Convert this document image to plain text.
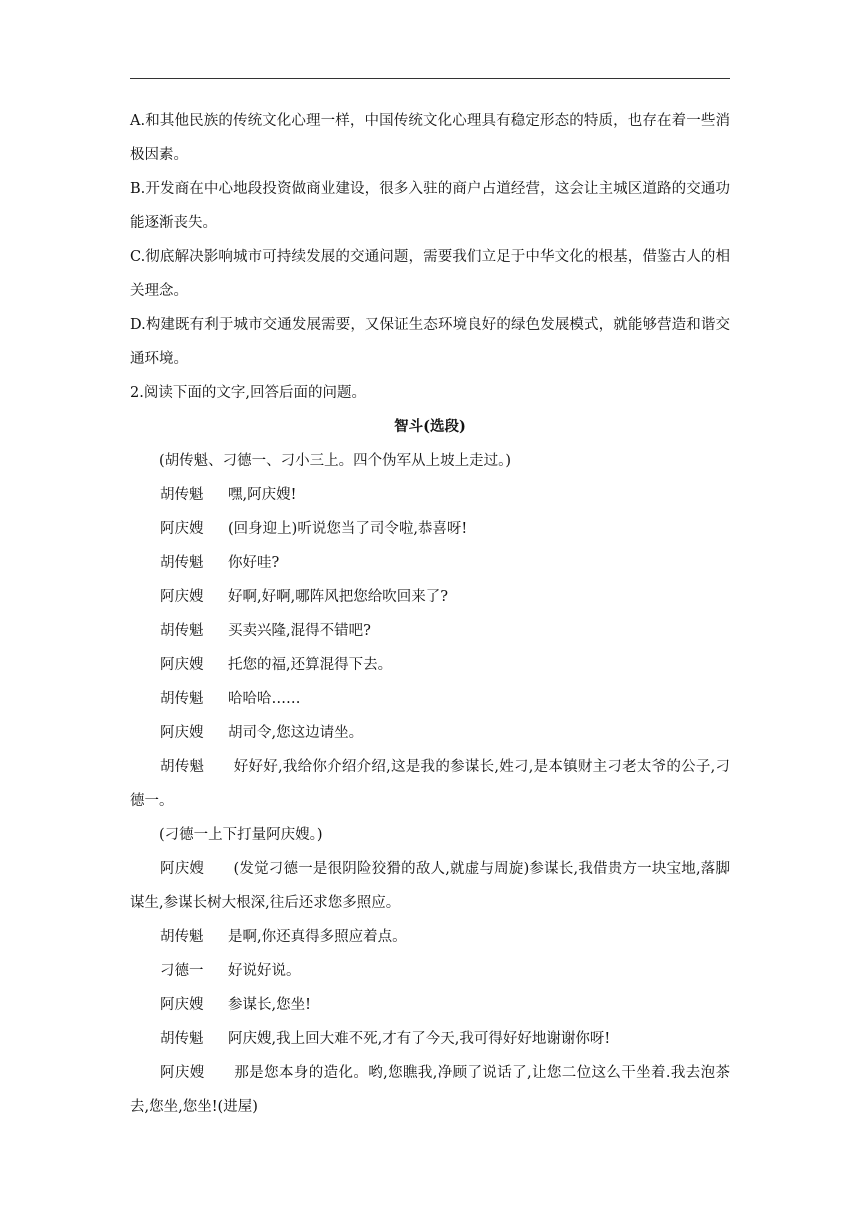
A.和其他民族的传统文化心理一样，中国传统文化心理具有稳定形态的特质，也存在着一些消极因素。

B.开发商在中心地段投资做商业建设，很多入驻的商户占道经营，这会让主城区道路的交通功能逐渐丧失。

C.彻底解决影响城市可持续发展的交通问题，需要我们立足于中华文化的根基，借鉴古人的相关理念。

D.构建既有利于城市交通发展需要，又保证生态环境良好的绿色发展模式，就能够营造和谐交通环境。

2.阅读下面的文字,回答后面的问题。

智斗(选段)

(胡传魁、刁德一、刁小三上。四个伪军从上坡上走过。)

胡传魁	嘿,阿庆嫂!

阿庆嫂	(回身迎上)听说您当了司令啦,恭喜呀!

胡传魁	你好哇?

阿庆嫂	好啊,好啊,哪阵风把您给吹回来了?

胡传魁	买卖兴隆,混得不错吧?

阿庆嫂	托您的福,还算混得下去。

胡传魁	哈哈哈……

阿庆嫂	胡司令,您这边请坐。

胡传魁　　好好好,我给你介绍介绍,这是我的参谋长,姓刁,是本镇财主刁老太爷的公子,刁德一。

(刁德一上下打量阿庆嫂。)

阿庆嫂　　(发觉刁德一是很阴险狡猾的敌人,就虚与周旋)参谋长,我借贵方一块宝地,落脚谋生,参谋长树大根深,往后还求您多照应。

胡传魁	是啊,你还真得多照应着点。

刁德一	好说好说。

阿庆嫂	参谋长,您坐!

胡传魁	阿庆嫂,我上回大难不死,才有了今天,我可得好好地谢谢你呀!

阿庆嫂　　那是您本身的造化。哟,您瞧我,净顾了说话了,让您二位这么干坐着.我去泡茶去,您坐,您坐!(进屋)
